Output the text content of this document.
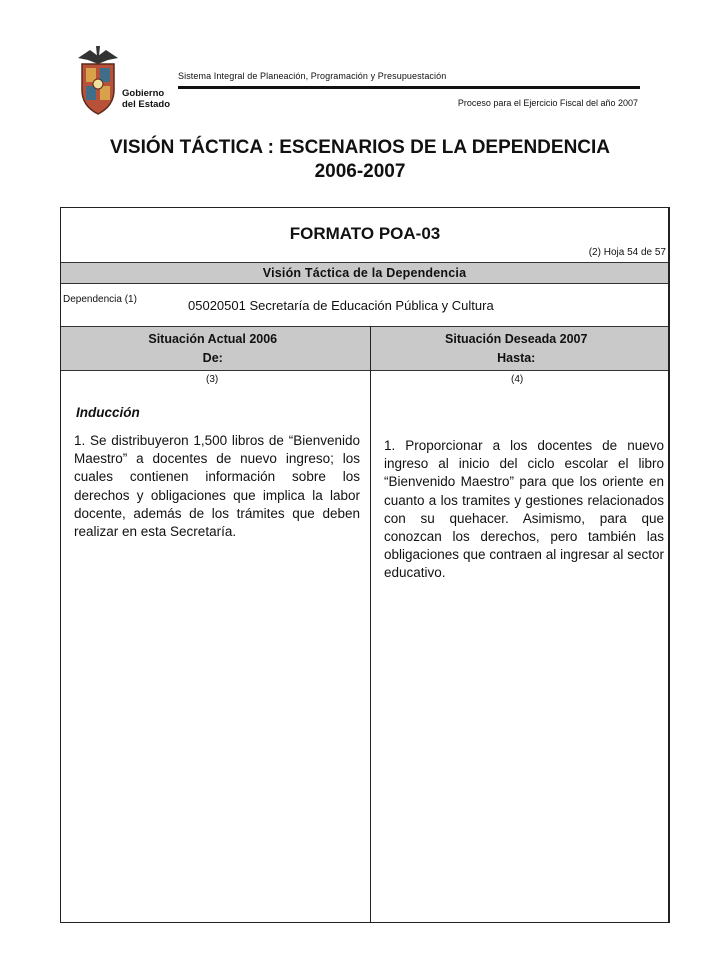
Gobierno
del Estado
Sistema Integral de Planeación, Programación y Presupuestación
Proceso para el Ejercicio Fiscal del año 2007
VISIÓN TÁCTICA : ESCENARIOS DE LA DEPENDENCIA
2006-2007
FORMATO POA-03
(2) Hoja 54 de 57
Visión Táctica de la Dependencia
Dependencia (1)	05020501 Secretaría de Educación Pública y Cultura
Situación Actual 2006
De:
Situación Deseada 2007
Hasta:
(3)	(4)
Inducción
1. Se distribuyeron 1,500 libros de “Bienvenido Maestro” a docentes de nuevo ingreso; los cuales contienen información sobre los derechos y obligaciones que implica la labor docente, además de los trámites que deben realizar en esta Secretaría.
1. Proporcionar a los docentes de nuevo ingreso al inicio del ciclo escolar el libro “Bienvenido Maestro” para que los oriente en cuanto a los tramites y gestiones relacionados con su quehacer. Asimismo, para que conozcan los derechos, pero también las obligaciones que contraen al ingresar al sector educativo.
